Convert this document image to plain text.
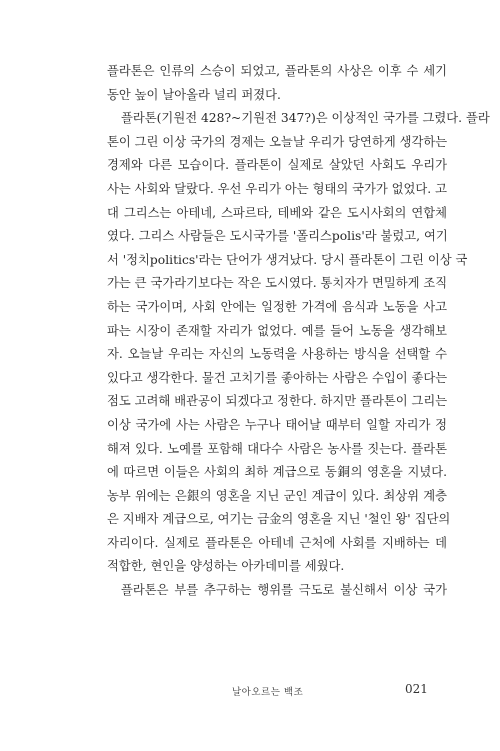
플라톤은 인류의 스승이 되었고, 플라톤의 사상은 이후 수 세기
동안 높이 날아올라 널리 퍼졌다.
플라톤(기원전 428?~기원전 347?)은 이상적인 국가를 그렸다. 플라
톤이 그린 이상 국가의 경제는 오늘날 우리가 당연하게 생각하는
경제와 다른 모습이다. 플라톤이 실제로 살았던 사회도 우리가
사는 사회와 달랐다. 우선 우리가 아는 형태의 국가가 없었다. 고
대 그리스는 아테네, 스파르타, 테베와 같은 도시사회의 연합체
였다. 그리스 사람들은 도시국가를 '폴리스polis'라 불렀고, 여기
서 '정치politics'라는 단어가 생겨났다. 당시 플라톤이 그린 이상 국
가는 큰 국가라기보다는 작은 도시였다. 통치자가 면밀하게 조직
하는 국가이며, 사회 안에는 일정한 가격에 음식과 노동을 사고
파는 시장이 존재할 자리가 없었다. 예를 들어 노동을 생각해보
자. 오늘날 우리는 자신의 노동력을 사용하는 방식을 선택할 수
있다고 생각한다. 물건 고치기를 좋아하는 사람은 수입이 좋다는
점도 고려해 배관공이 되겠다고 정한다. 하지만 플라톤이 그리는
이상 국가에 사는 사람은 누구나 태어날 때부터 일할 자리가 정
해져 있다. 노예를 포함해 대다수 사람은 농사를 짓는다. 플라톤
에 따르면 이들은 사회의 최하 계급으로 동銅의 영혼을 지녔다.
농부 위에는 은銀의 영혼을 지닌 군인 계급이 있다. 최상위 계층
은 지배자 계급으로, 여기는 금金의 영혼을 지닌 '철인 왕' 집단의
자리이다. 실제로 플라톤은 아테네 근처에 사회를 지배하는 데
적합한, 현인을 양성하는 아카데미를 세웠다.
플라톤은 부를 추구하는 행위를 극도로 불신해서 이상 국가
날아오르는 백조	021
